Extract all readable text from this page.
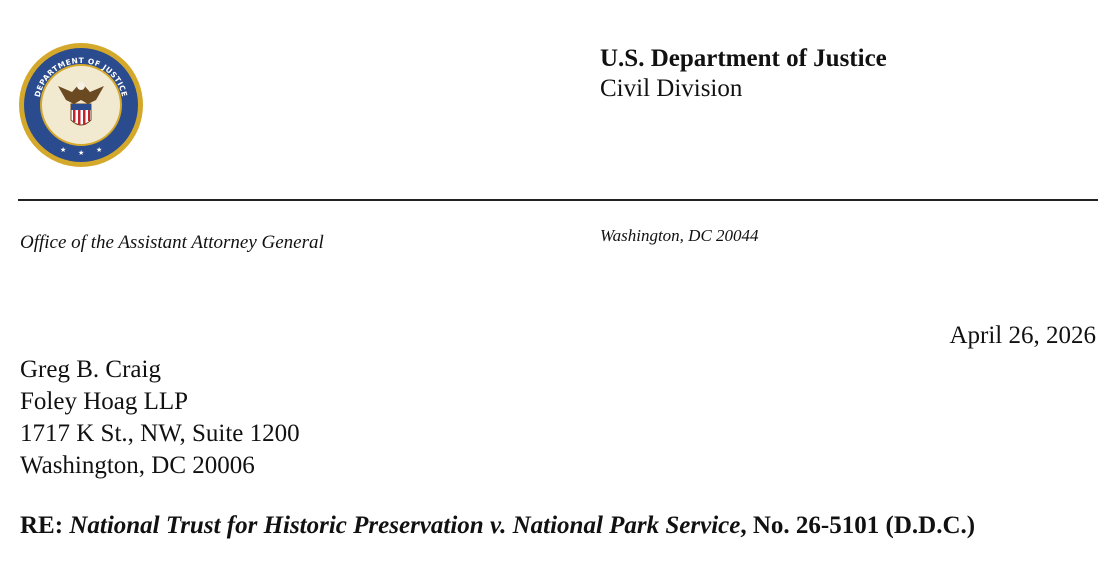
DEPARTMENT OF JUSTICE
★ ★ ★
U.S. Department of Justice
Civil Division
Office of the Assistant Attorney General	Washington, DC 20044
April 26, 2026
Greg B. Craig
Foley Hoag LLP
1717 K St., NW, Suite 1200
Washington, DC 20006
RE: National Trust for Historic Preservation v. National Park Service, No. 26-5101 (D.D.C.)
